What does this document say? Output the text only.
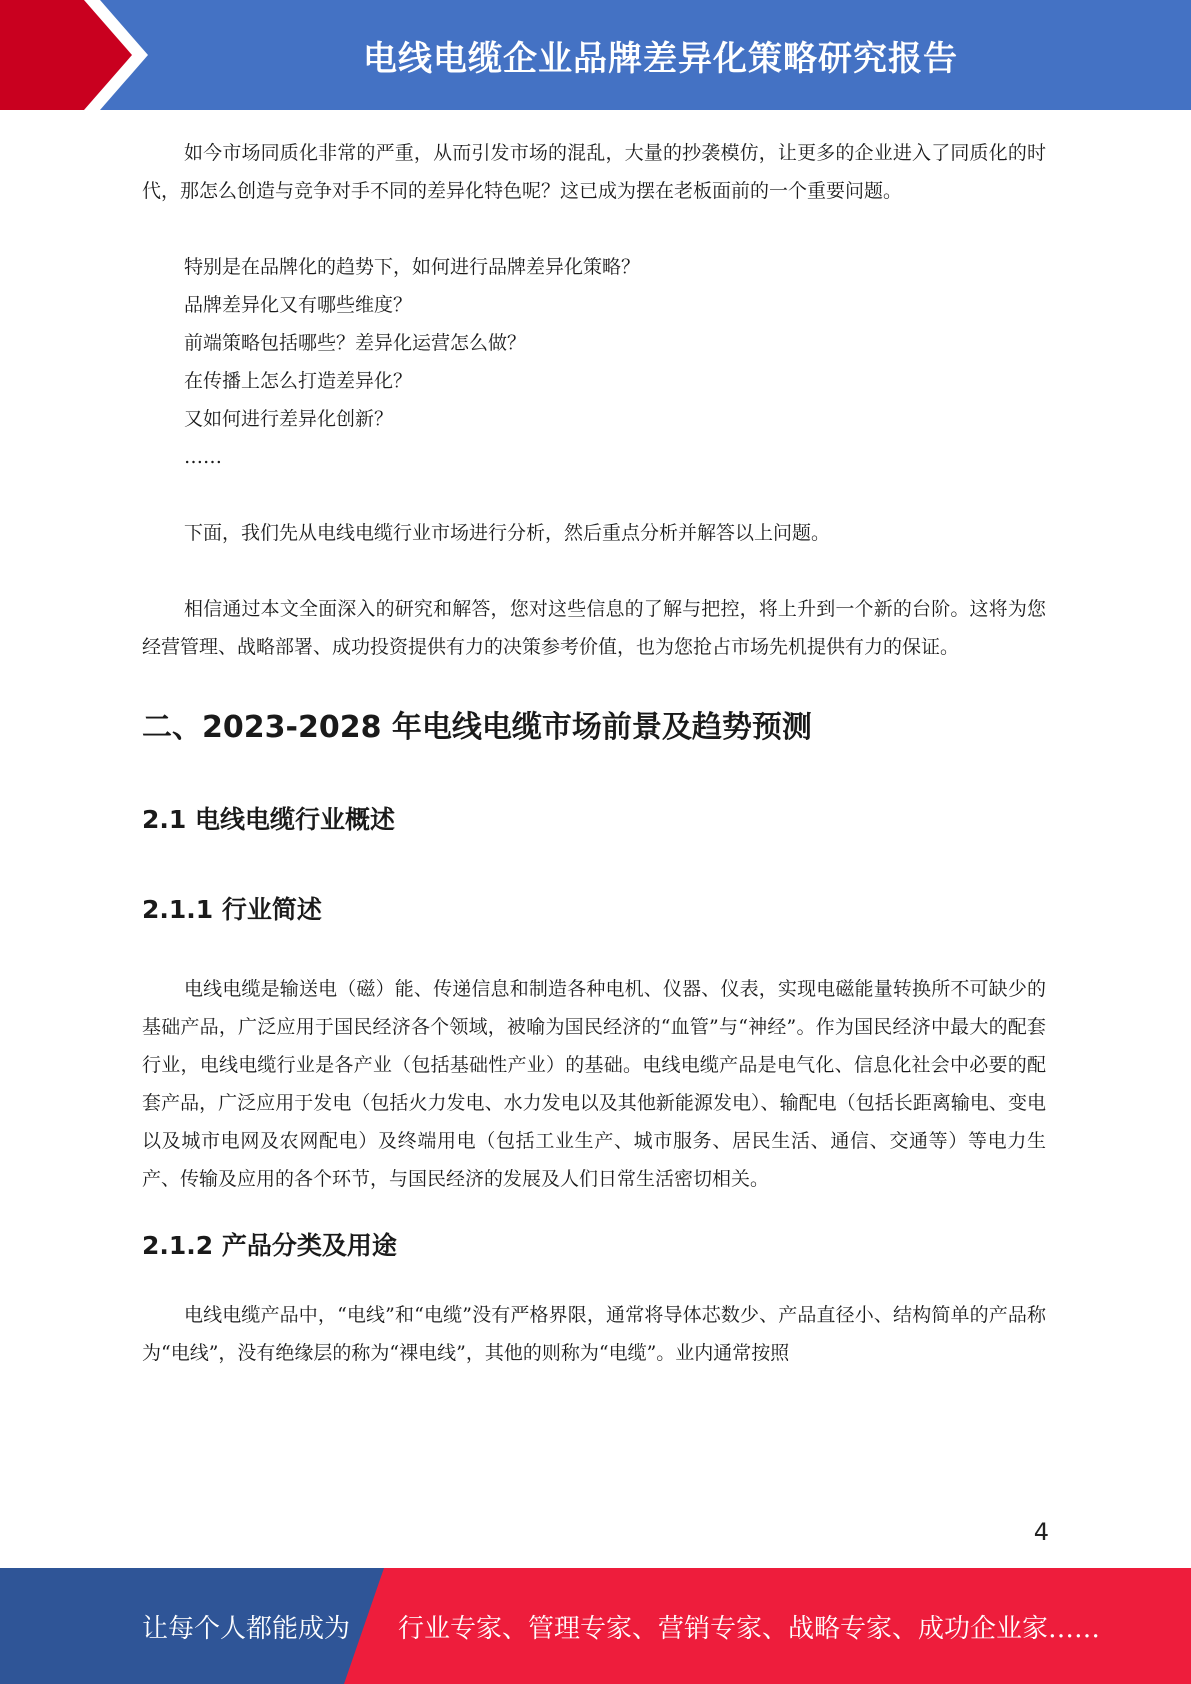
电线电缆企业品牌差异化策略研究报告

如今市场同质化非常的严重，从而引发市场的混乱，大量的抄袭模仿，让更多的企业进入了同质化的时代，那怎么创造与竞争对手不同的差异化特色呢？这已成为摆在老板面前的一个重要问题。

特别是在品牌化的趋势下，如何进行品牌差异化策略？

品牌差异化又有哪些维度？

前端策略包括哪些？差异化运营怎么做？

在传播上怎么打造差异化？

又如何进行差异化创新？

……

下面，我们先从电线电缆行业市场进行分析，然后重点分析并解答以上问题。

相信通过本文全面深入的研究和解答，您对这些信息的了解与把控，将上升到一个新的台阶。这将为您经营管理、战略部署、成功投资提供有力的决策参考价值，也为您抢占市场先机提供有力的保证。

二、2023-2028 年电线电缆市场前景及趋势预测
2.1 电线电缆行业概述
2.1.1 行业简述

电线电缆是输送电（磁）能、传递信息和制造各种电机、仪器、仪表，实现电磁能量转换所不可缺少的基础产品，广泛应用于国民经济各个领域，被喻为国民经济的“血管”与“神经”。作为国民经济中最大的配套行业，电线电缆行业是各产业（包括基础性产业）的基础。电线电缆产品是电气化、信息化社会中必要的配套产品，广泛应用于发电（包括火力发电、水力发电以及其他新能源发电）、输配电（包括长距离输电、变电以及城市电网及农网配电）及终端用电（包括工业生产、城市服务、居民生活、通信、交通等）等电力生产、传输及应用的各个环节，与国民经济的发展及人们日常生活密切相关。

2.1.2 产品分类及用途

电线电缆产品中，“电线”和“电缆”没有严格界限，通常将导体芯数少、产品直径小、结构简单的产品称为“电线”，没有绝缘层的称为“裸电线”，其他的则称为“电缆”。业内通常按照

4
让每个人都能成为 行业专家、管理专家、营销专家、战略专家、成功企业家……
